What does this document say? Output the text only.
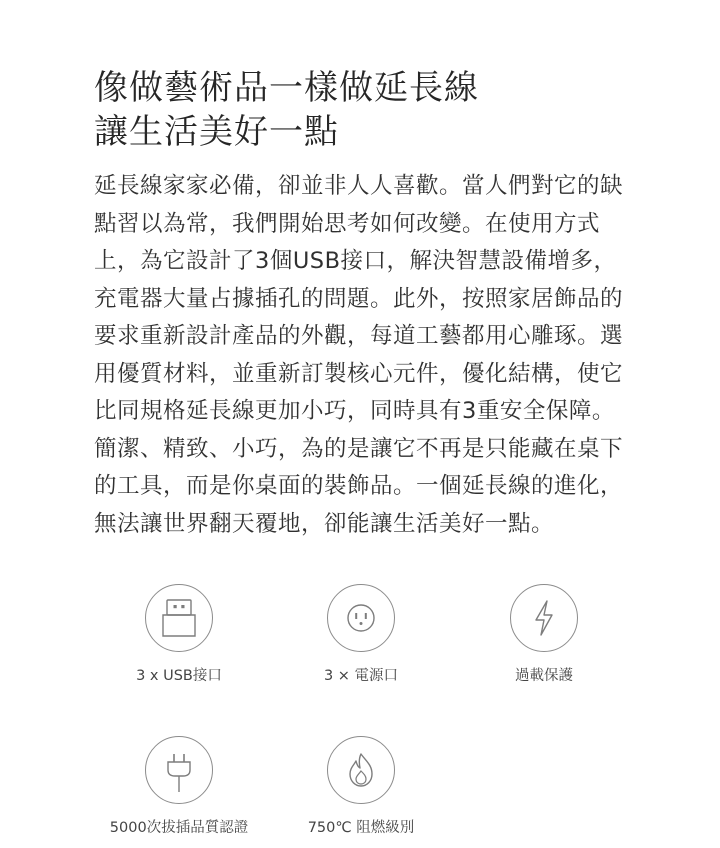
像做藝術品一樣做延長線
讓生活美好一點
延長線家家必備，卻並非人人喜歡。當人們對它的缺
點習以為常，我們開始思考如何改變。在使用方式
上，為它設計了3個USB接口，解決智慧設備增多，
充電器大量占據插孔的問題。此外，按照家居飾品的
要求重新設計產品的外觀，每道工藝都用心雕琢。選
用優質材料，並重新訂製核心元件，優化結構，使它
比同規格延長線更加小巧，同時具有3重安全保障。
簡潔、精致、小巧，為的是讓它不再是只能藏在桌下
的工具，而是你桌面的裝飾品。一個延長線的進化，
無法讓世界翻天覆地，卻能讓生活美好一點。
3 x USB接口	3 × 電源口	過載保護
5000次拔插品質認證	750℃ 阻燃級別
